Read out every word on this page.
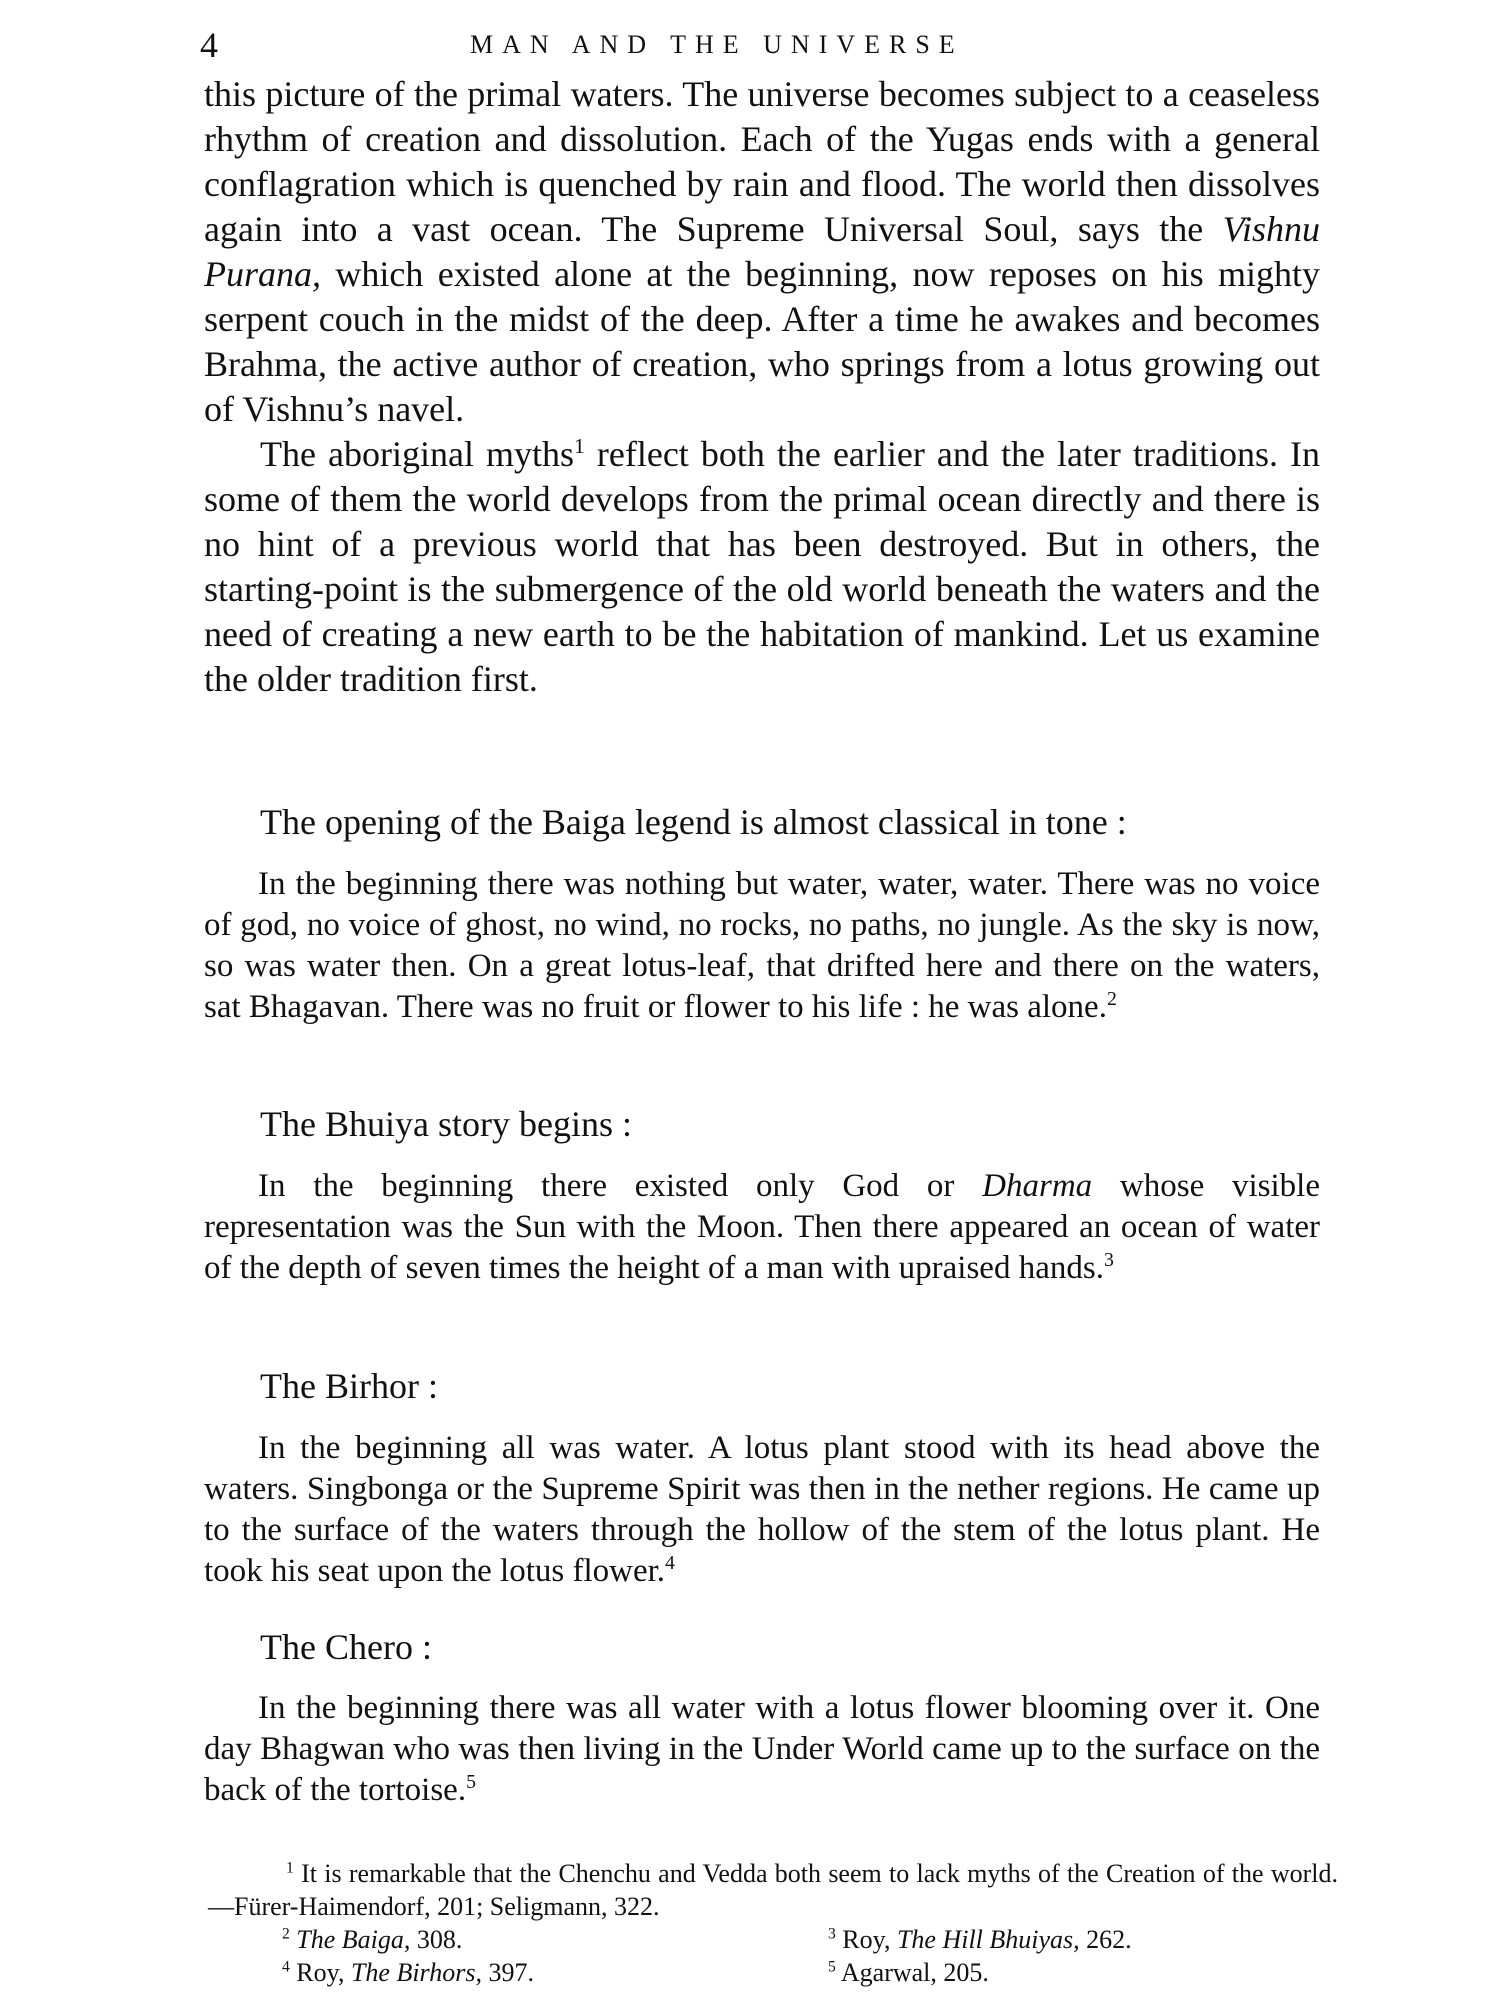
4	MAN AND THE UNIVERSE

this picture of the primal waters. The universe becomes subject to a ceaseless rhythm of creation and dissolution. Each of the Yugas ends with a general conflagration which is quenched by rain and flood. The world then dissolves again into a vast ocean. The Supreme Universal Soul, says the Vishnu Purana, which existed alone at the beginning, now reposes on his mighty serpent couch in the midst of the deep. After a time he awakes and becomes Brahma, the active author of creation, who springs from a lotus growing out of Vishnu’s navel.

The aboriginal myths$^1$ reflect both the earlier and the later traditions. In some of them the world develops from the primal ocean directly and there is no hint of a previous world that has been destroyed. But in others, the starting-point is the submergence of the old world beneath the waters and the need of creating a new earth to be the habitation of mankind. Let us examine the older tradition first.

The opening of the Baiga legend is almost classical in tone :

In the beginning there was nothing but water, water, water. There was no voice of god, no voice of ghost, no wind, no rocks, no paths, no jungle. As the sky is now, so was water then. On a great lotus-leaf, that drifted here and there on the waters, sat Bhagavan. There was no fruit or flower to his life : he was alone.$^2$

The Bhuiya story begins :

In the beginning there existed only God or Dharma whose visible representation was the Sun with the Moon. Then there appeared an ocean of water of the depth of seven times the height of a man with upraised hands.$^3$

The Birhor :

In the beginning all was water. A lotus plant stood with its head above the waters. Singbonga or the Supreme Spirit was then in the nether regions. He came up to the surface of the waters through the hollow of the stem of the lotus plant. He took his seat upon the lotus flower.$^4$

The Chero :

In the beginning there was all water with a lotus flower blooming over it. One day Bhagwan who was then living in the Under World came up to the surface on the back of the tortoise.$^5$

$^1$ It is remarkable that the Chenchu and Vedda both seem to lack myths of the Creation of the world.—Fürer-Haimendorf, 201; Seligmann, 322.
$^2$ The Baiga, 308.	$^3$ Roy, The Hill Bhuiyas, 262.
$^4$ Roy, The Birhors, 397.	$^5$ Agarwal, 205.
